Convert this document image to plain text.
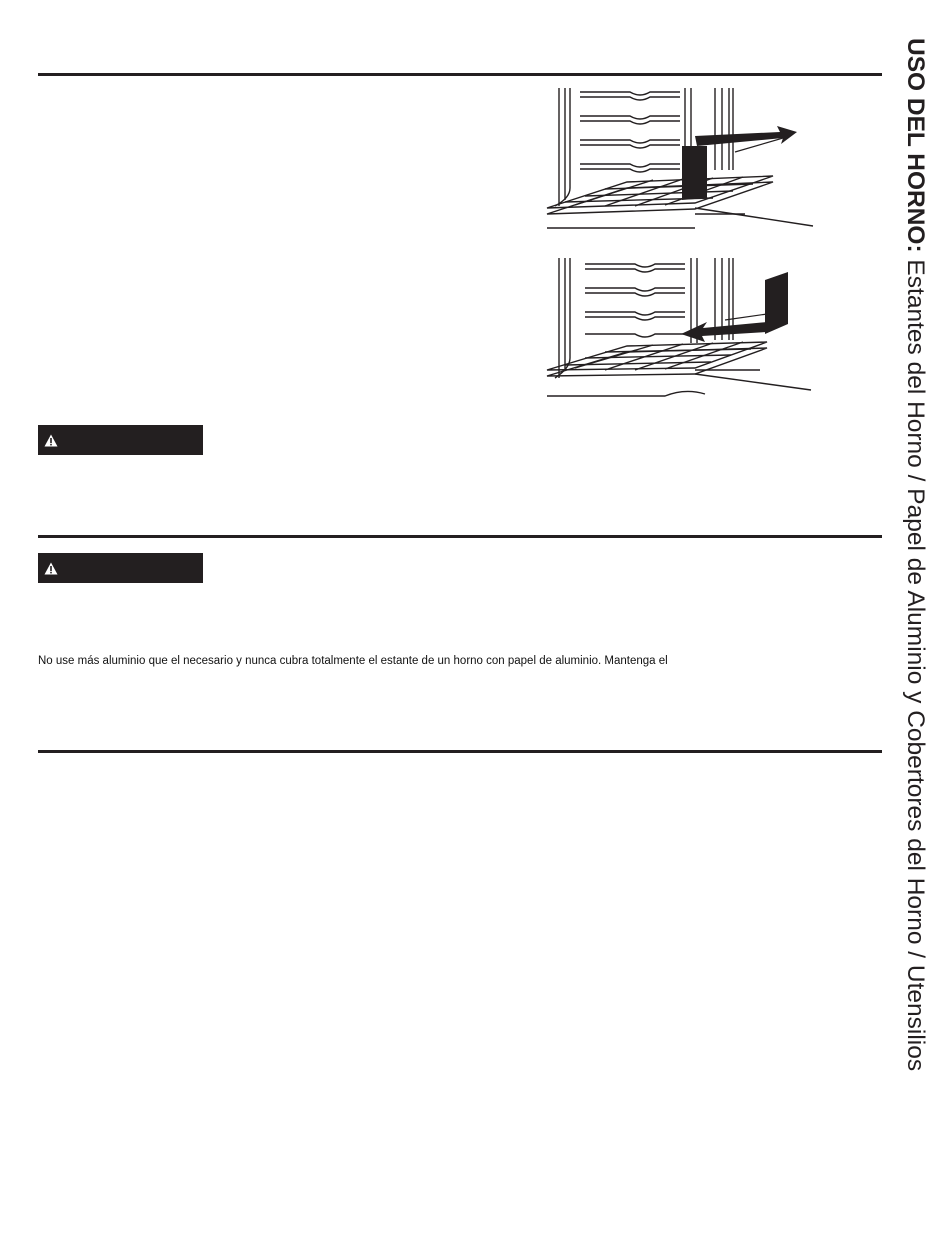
No use más aluminio que el necesario y nunca cubra totalmente el estante de un horno con papel de aluminio. Mantenga el
USO DEL HORNO: Estantes del Horno / Papel de Aluminio y Cobertores del Horno / Utensilios
